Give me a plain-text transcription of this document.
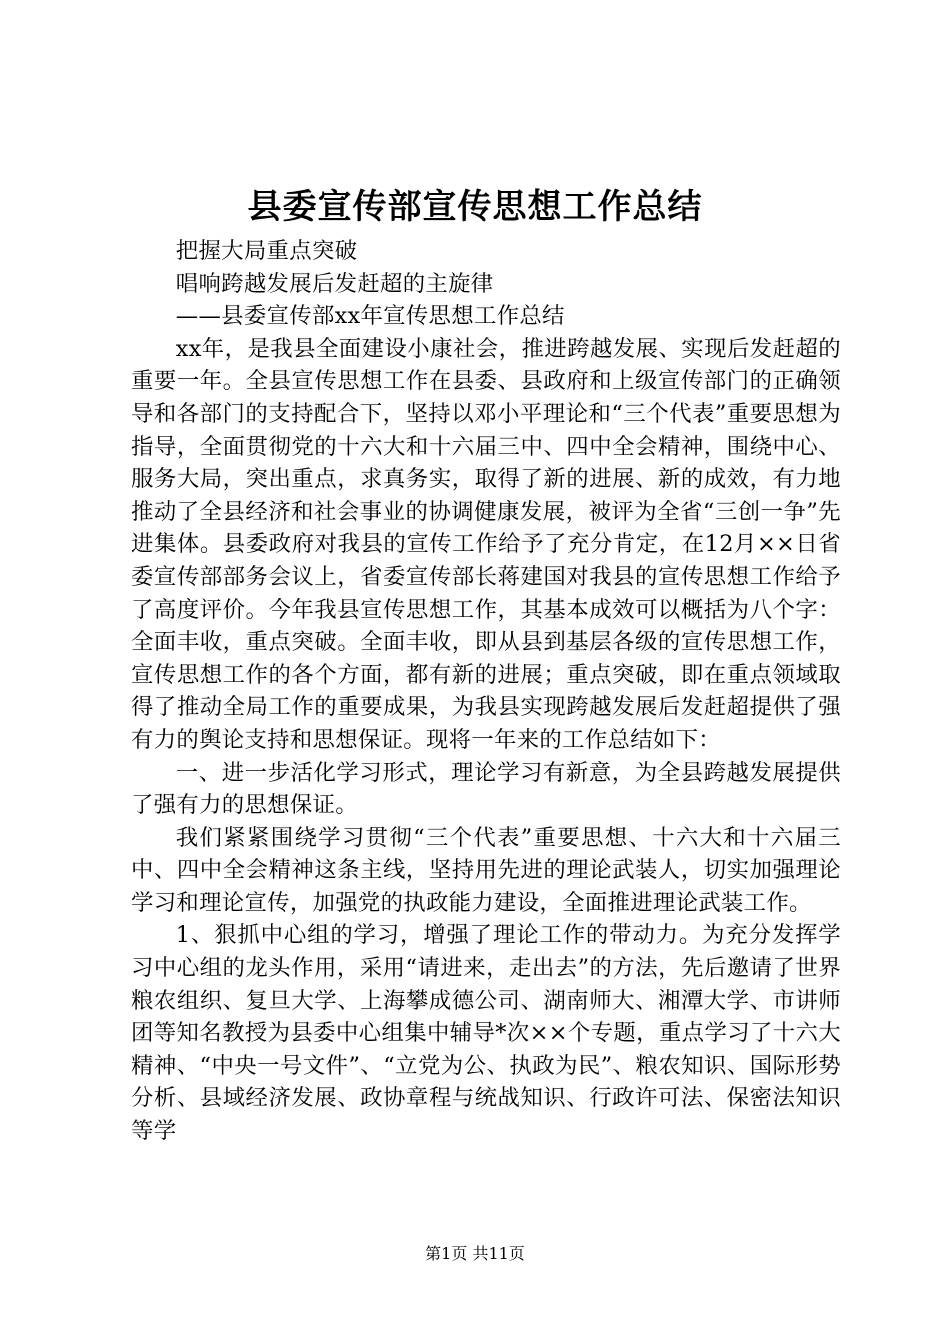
县委宣传部宣传思想工作总结

把握大局重点突破

唱响跨越发展后发赶超的主旋律

——县委宣传部xx年宣传思想工作总结

xx年，是我县全面建设小康社会，推进跨越发展、实现后发赶超的重要一年。全县宣传思想工作在县委、县政府和上级宣传部门的正确领导和各部门的支持配合下，坚持以邓小平理论和“三个代表”重要思想为指导，全面贯彻党的十六大和十六届三中、四中全会精神，围绕中心、服务大局，突出重点，求真务实，取得了新的进展、新的成效，有力地推动了全县经济和社会事业的协调健康发展，被评为全省“三创一争”先进集体。县委政府对我县的宣传工作给予了充分肯定，在12月××日省委宣传部部务会议上，省委宣传部长蒋建国对我县的宣传思想工作给予了高度评价。今年我县宣传思想工作，其基本成效可以概括为八个字：全面丰收，重点突破。全面丰收，即从县到基层各级的宣传思想工作，宣传思想工作的各个方面，都有新的进展；重点突破，即在重点领域取得了推动全局工作的重要成果，为我县实现跨越发展后发赶超提供了强有力的舆论支持和思想保证。现将一年来的工作总结如下：

一、进一步活化学习形式，理论学习有新意，为全县跨越发展提供了强有力的思想保证。

我们紧紧围绕学习贯彻“三个代表”重要思想、十六大和十六届三中、四中全会精神这条主线，坚持用先进的理论武装人，切实加强理论学习和理论宣传，加强党的执政能力建设，全面推进理论武装工作。

1、狠抓中心组的学习，增强了理论工作的带动力。为充分发挥学习中心组的龙头作用，采用“请进来，走出去”的方法，先后邀请了世界粮农组织、复旦大学、上海攀成德公司、湖南师大、湘潭大学、市讲师团等知名教授为县委中心组集中辅导*次××个专题，重点学习了十六大精神、“中央一号文件”、“立党为公、执政为民”、粮农知识、国际形势分析、县域经济发展、政协章程与统战知识、行政许可法、保密法知识等学

第1页 共11页
